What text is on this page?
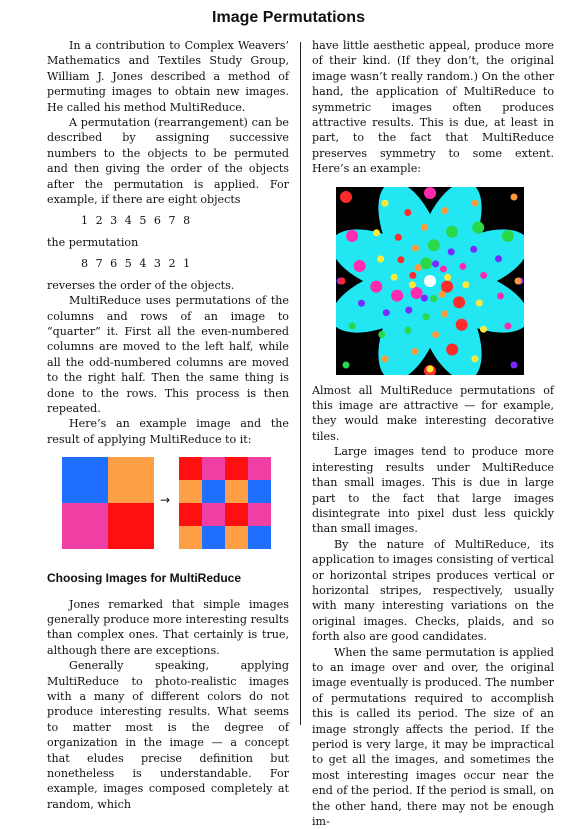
Image Permutations

In a contribution to Complex Weavers’ Mathematics and Textiles Study Group, William J. Jones described a method of permuting images to obtain new images. He called his method MultiReduce.

A permutation (rearrangement) can be described by assigning successive numbers to the objects to be permuted and then giving the order of the objects after the permutation is applied. For example, if there are eight objects

1 2 3 4 5 6 7 8

the permutation

8 7 6 5 4 3 2 1

reverses the order of the objects.

MultiReduce uses permutations of the columns and rows of an image to “quarter” it. First all the even-numbered columns are moved to the left half, while all the odd-numbered columns are moved to the right half. Then the same thing is done to the rows. This process is then repeated.

Here’s an example image and the result of applying MultiReduce to it:

→
Choosing Images for MultiReduce

Jones remarked that simple images generally produce more interesting results than complex ones. That certainly is true, although there are exceptions.

Generally speaking, applying MultiReduce to photo-realistic images with a many of different colors do not produce interesting results. What seems to matter most is the degree of organization in the image — a concept that eludes precise definition but nonetheless is understandable. For example, images composed completely at random, which

have little aesthetic appeal, produce more of their kind. (If they don’t, the original image wasn’t really random.) On the other hand, the application of MultiReduce to symmetric images often produces attractive results. This is due, at least in part, to the fact that MultiReduce preserves symmetry to some extent. Here’s an example:

Almost all MultiReduce permutations of this image are attractive — for example, they would make interesting decorative tiles.

Large images tend to produce more interesting results under MultiReduce than small images. This is due in large part to the fact that large images disintegrate into pixel dust less quickly than small images.

By the nature of MultiReduce, its application to images consisting of vertical or horizontal stripes produces vertical or horizontal stripes, respectively, usually with many interesting variations on the original images. Checks, plaids, and so forth also are good candidates.

When the same permutation is applied to an image over and over, the original image eventually is produced. The number of permutations required to accomplish this is called its period. The size of an image strongly affects the period. If the period is very large, it may be impractical to get all the images, and sometimes the most interesting images occur near the end of the period. If the period is small, on the other hand, there may not be enough im-
